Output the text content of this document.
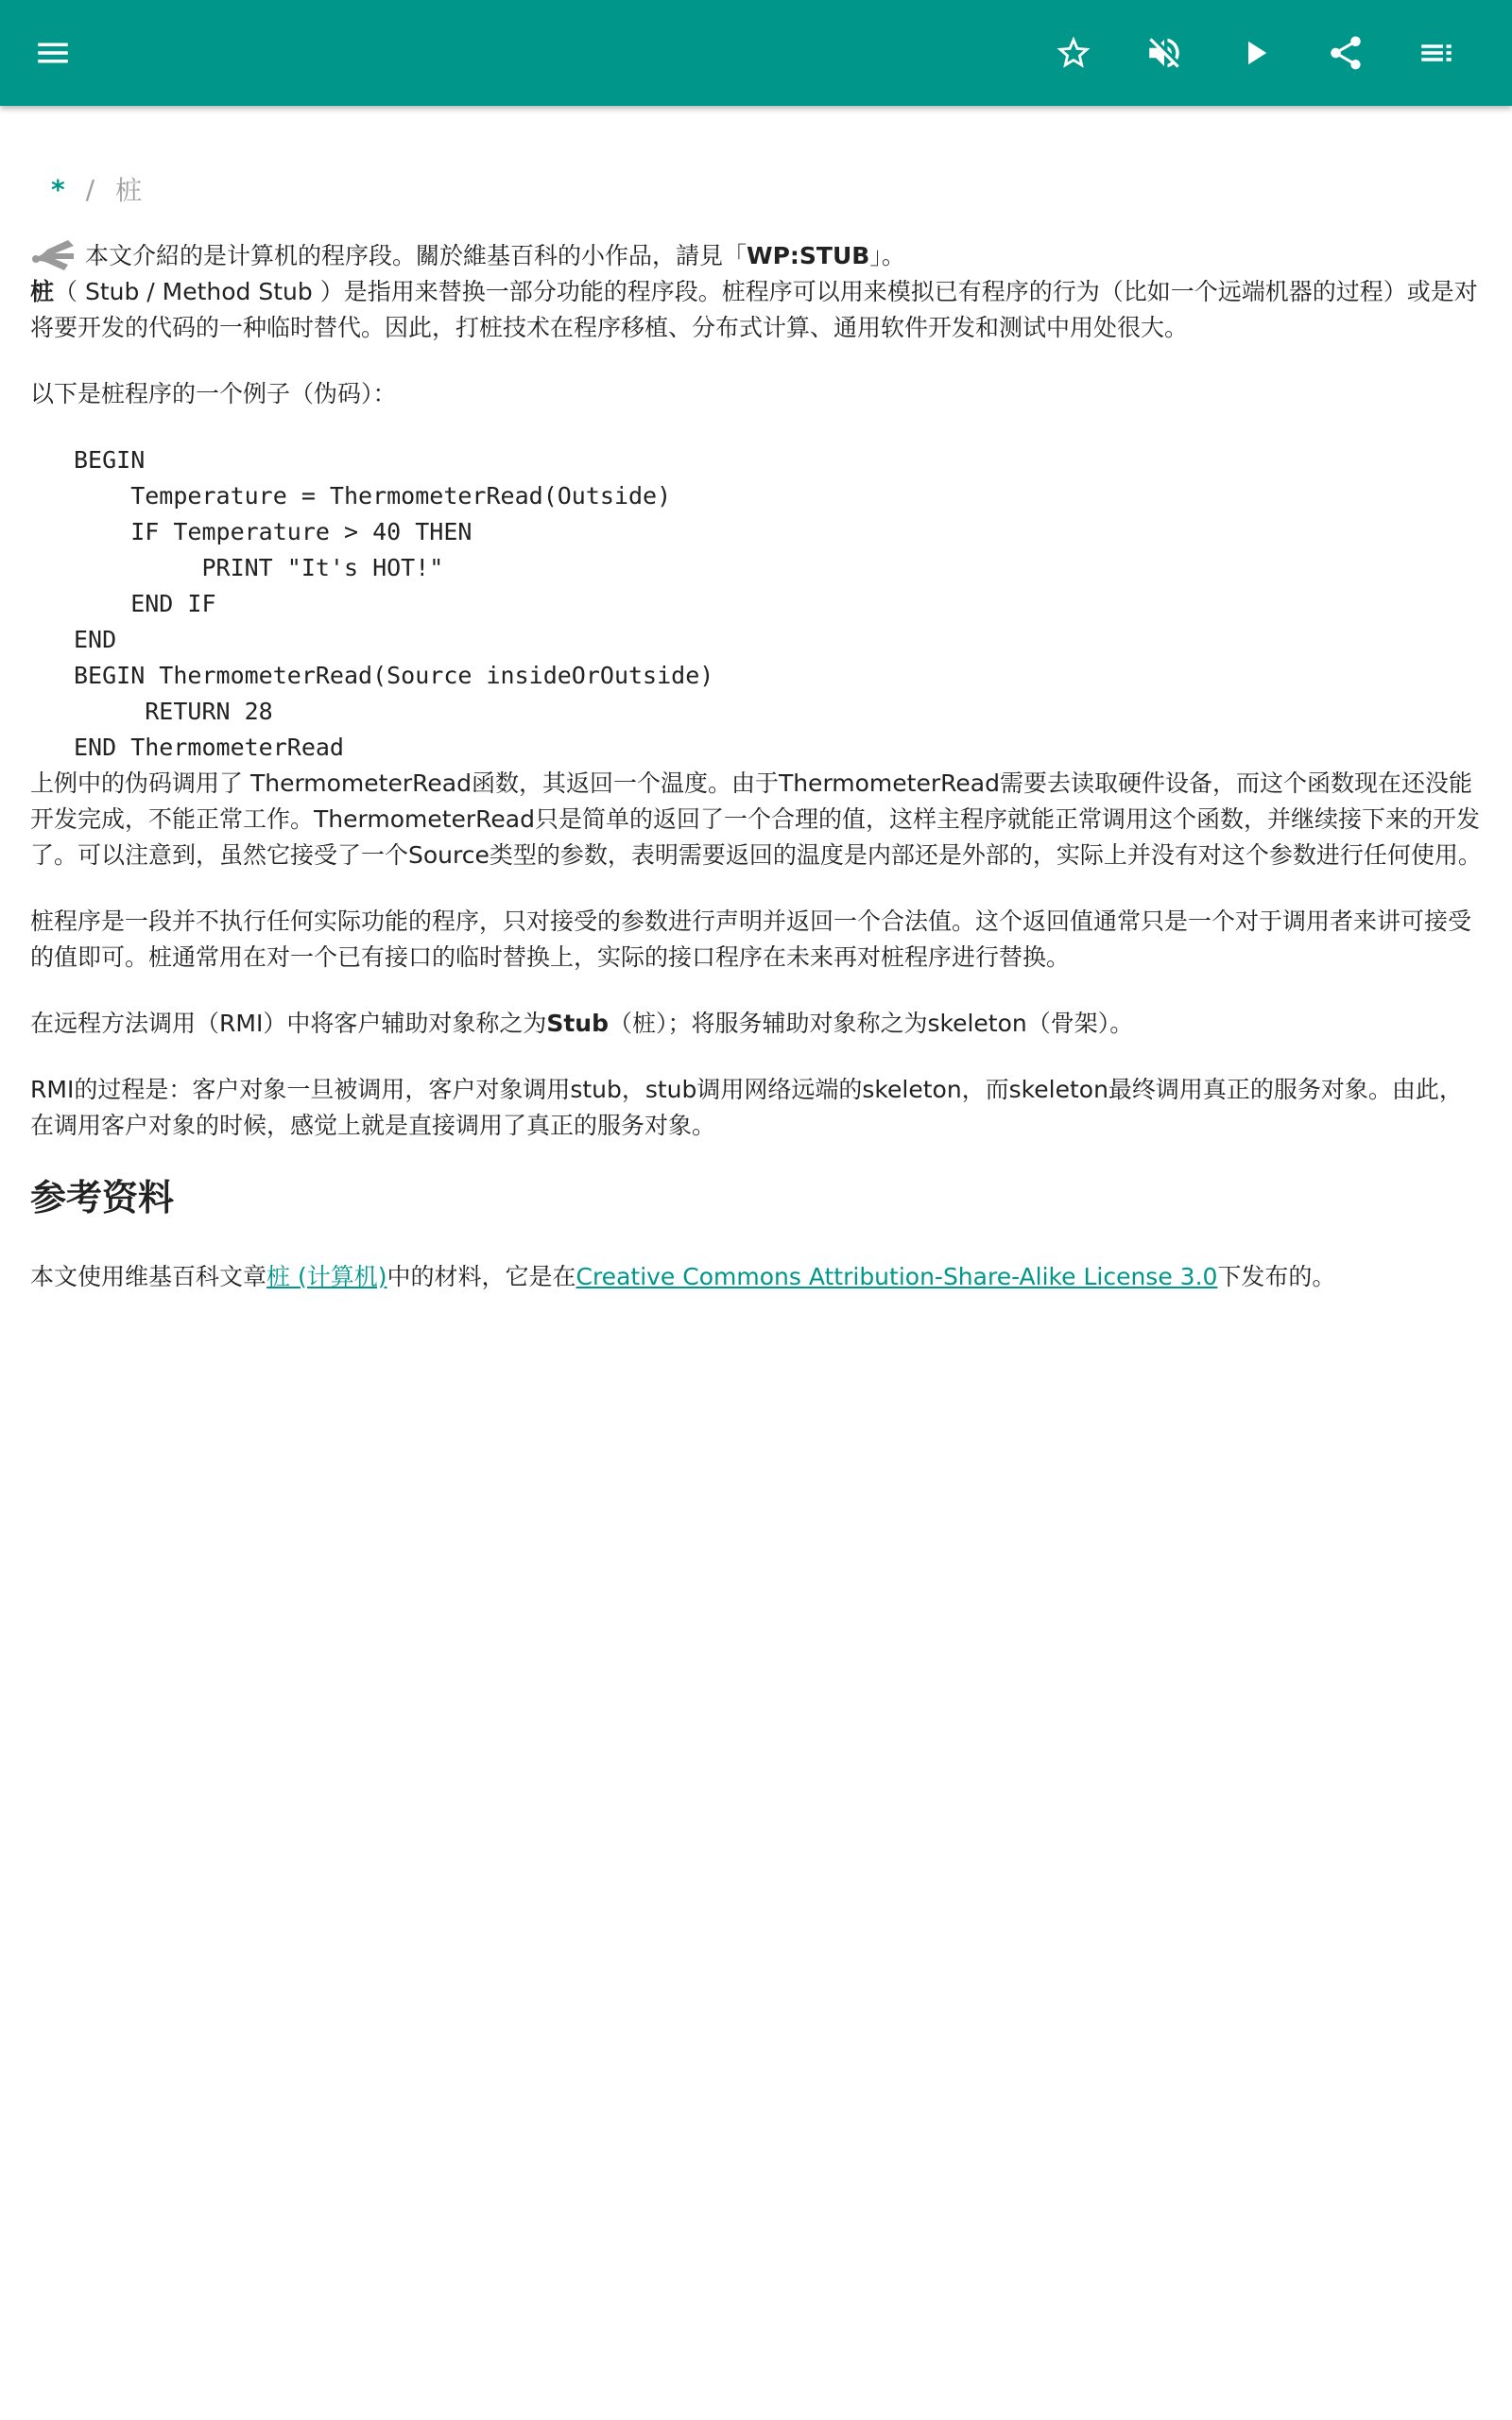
* / 桩
本文介紹的是计算机的程序段。關於維基百科的小作品，請見「WP:STUB」。

桩（ Stub / Method Stub ）是指用来替换一部分功能的程序段。桩程序可以用来模拟已有程序的行为（比如一个远端机器的过程）或是对将要开发的代码的一种临时替代。因此，打桩技术在程序移植、分布式计算、通用软件开发和测试中用处很大。

以下是桩程序的一个例子（伪码）：

BEGIN
Temperature = ThermometerRead(Outside)
IF Temperature > 40 THEN
PRINT "It's HOT!"
END IF
END
BEGIN ThermometerRead(Source insideOrOutside)
RETURN 28
END ThermometerRead

上例中的伪码调用了 ThermometerRead函数，其返回一个温度。由于ThermometerRead需要去读取硬件设备，而这个函数现在还没能开发完成，不能正常工作。ThermometerRead只是简单的返回了一个合理的值，这样主程序就能正常调用这个函数，并继续接下来的开发了。可以注意到，虽然它接受了一个Source类型的参数，表明需要返回的温度是内部还是外部的，实际上并没有对这个参数进行任何使用。

桩程序是一段并不执行任何实际功能的程序，只对接受的参数进行声明并返回一个合法值。这个返回值通常只是一个对于调用者来讲可接受的值即可。桩通常用在对一个已有接口的临时替换上，实际的接口程序在未来再对桩程序进行替换。

在远程方法调用（RMI）中将客户辅助对象称之为Stub（桩）；将服务辅助对象称之为skeleton（骨架）。

RMI的过程是：客户对象一旦被调用，客户对象调用stub，stub调用网络远端的skeleton，而skeleton最终调用真正的服务对象。由此，在调用客户对象的时候，感觉上就是直接调用了真正的服务对象。

参考资料

本文使用维基百科文章桩 (计算机)中的材料，它是在Creative Commons Attribution-Share-Alike License 3.0下发布的。
